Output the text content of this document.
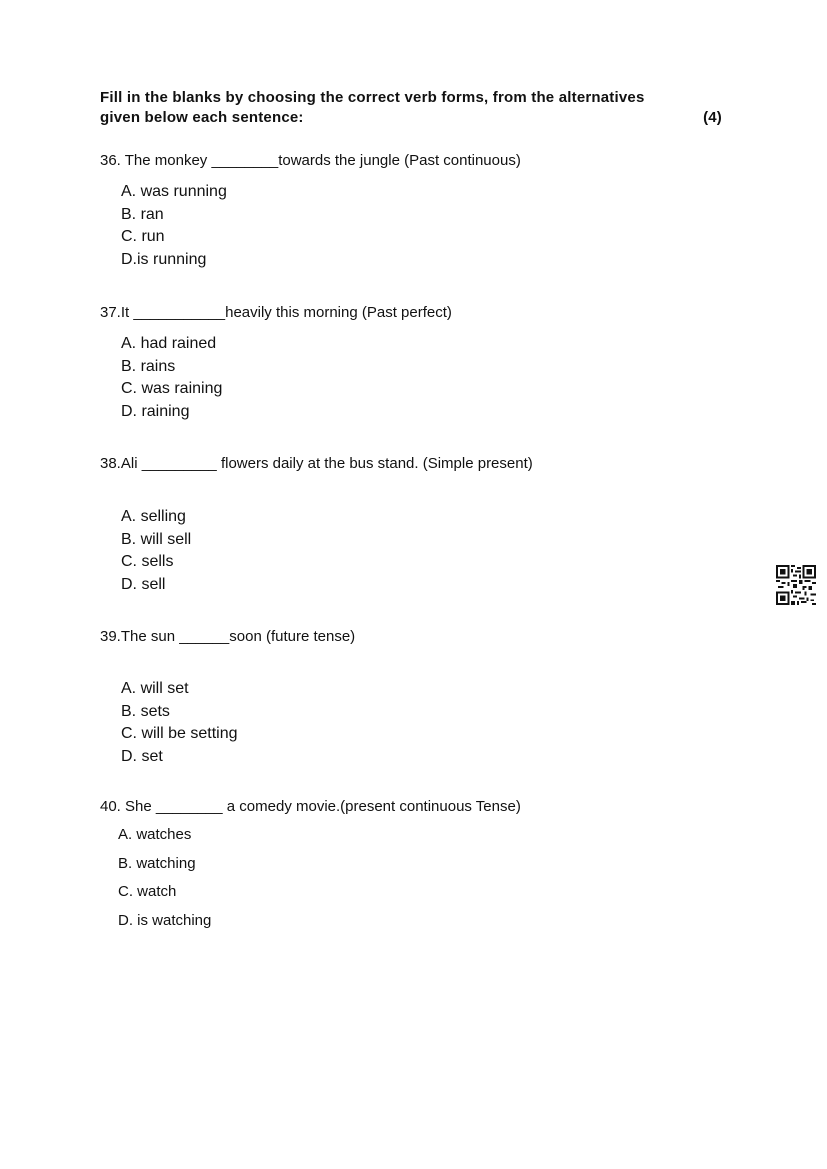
Fill in the blanks by choosing the correct verb forms, from the alternatives
given below each sentence:	(4)
36. The monkey ________towards the jungle (Past continuous)
A. was running
B. ran
C. run
D.is running
37.It ___________heavily this morning (Past perfect)
A. had rained
B. rains
C. was raining
D. raining
38.Ali _________ flowers daily at the bus stand. (Simple present)
A. selling
B. will sell
C. sells
D. sell
39.The sun ______soon (future tense)
A. will set
B. sets
C. will be setting
D. set
40. She ________ a comedy movie.(present continuous Tense)
A. watches
B. watching
C. watch
D. is watching
